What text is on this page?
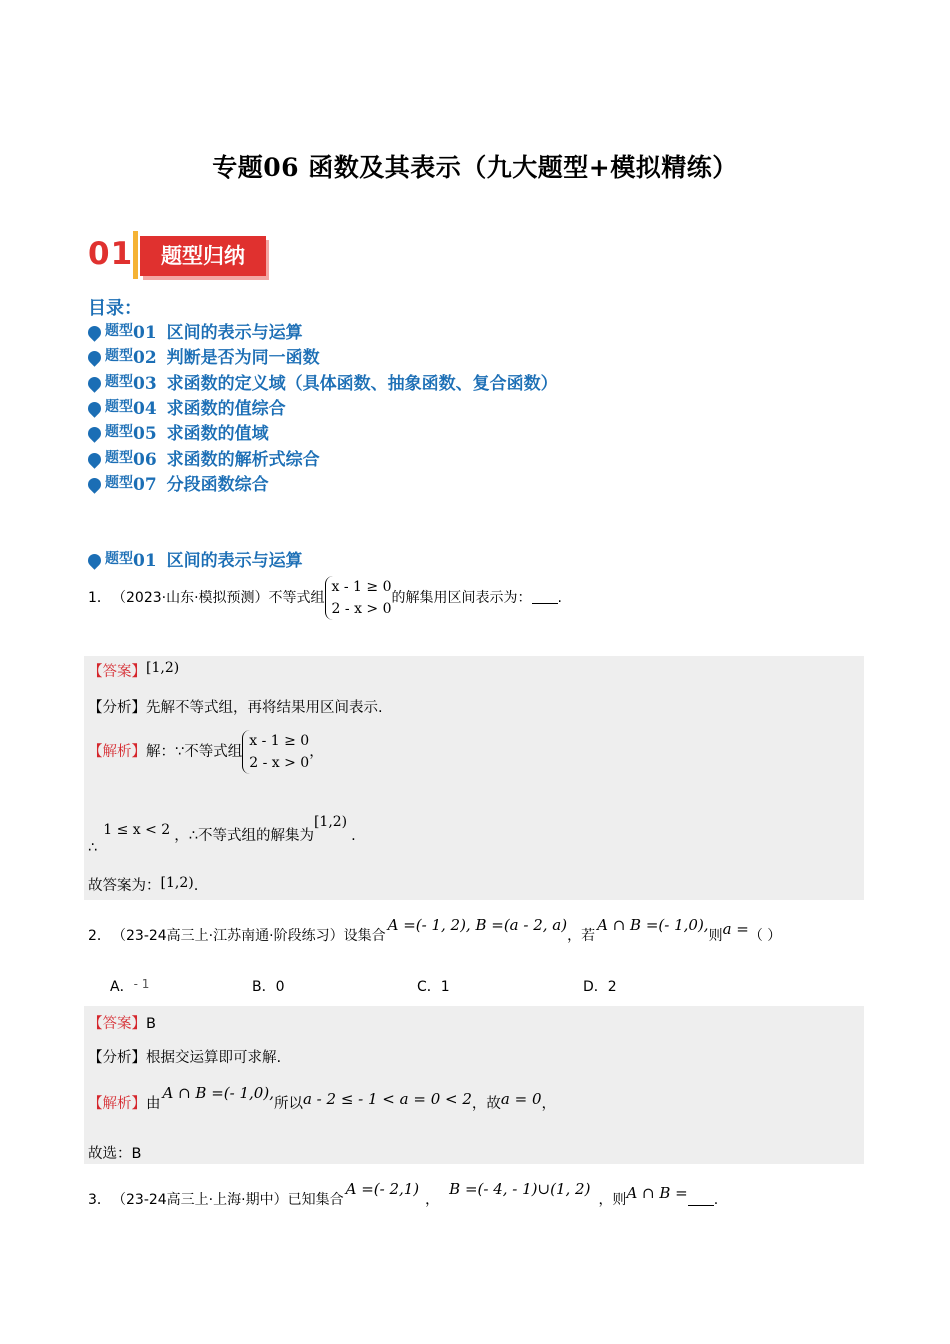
专题06 函数及其表示（九大题型+模拟精练）
01	题型归纳
目录：
题型01 区间的表示与运算
题型02 判断是否为同一函数
题型03 求函数的定义域（具体函数、抽象函数、复合函数）
题型04 求函数的值综合
题型05 求函数的值域
题型06 求函数的解析式综合
题型07 分段函数综合
题型01 区间的表示与运算
1．（2023·山东·模拟预测）不等式组
x - 1 ≥ 0
2 - x > 0
的解集用区间表示为： .
【答案】[1,2)
【分析】先解不等式组，再将结果用区间表示.
【解析】解：∵不等式组
x - 1 ≥ 0
2 - x > 0
，
∴1 ≤ x < 2 ，∴不等式组的解集为[1,2).
故答案为：[1,2).
2．（23-24高三上·江苏南通·阶段练习）设集合A =(- 1, 2), B =(a - 2, a)，若A ∩ B =(- 1,0),则a =（ ）
A．- 1	B．0	C．1	D．2
【答案】B
【分析】根据交运算即可求解.
【解析】由A ∩ B =(- 1,0),所以a - 2 ≤ - 1 < a = 0 < 2，故a = 0，
故选：B
3．（23-24高三上·上海·期中）已知集合A =(- 2,1)，B =(- 4, - 1)∪(1, 2)，则A ∩ B = .
